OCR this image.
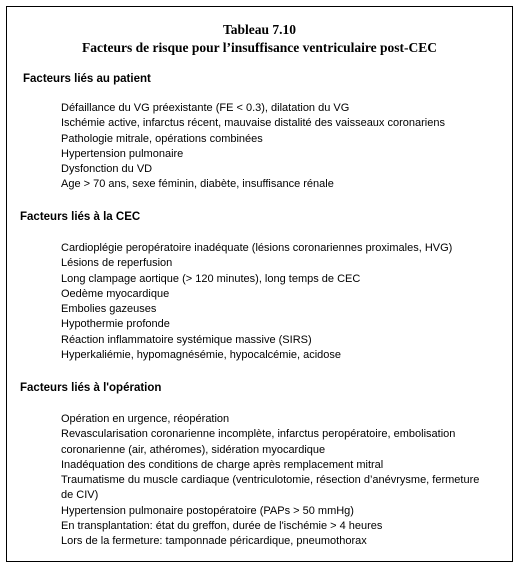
Tableau 7.10
Facteurs de risque pour l’insuffisance ventriculaire post-CEC
Facteurs liés au patient
Défaillance du VG préexistante (FE < 0.3), dilatation du VG
Ischémie active, infarctus récent, mauvaise distalité des vaisseaux coronariens
Pathologie mitrale, opérations combinées
Hypertension pulmonaire
Dysfonction du VD
Age > 70 ans, sexe féminin, diabète, insuffisance rénale
Facteurs liés à la CEC
Cardioplégie peropératoire inadéquate (lésions coronariennes proximales, HVG)
Lésions de reperfusion
Long clampage aortique (> 120 minutes), long temps de CEC
Oedème myocardique
Embolies gazeuses
Hypothermie profonde
Réaction inflammatoire systémique massive (SIRS)
Hyperkaliémie, hypomagnésémie, hypocalcémie, acidose
Facteurs liés à l'opération
Opération en urgence, réopération
Revascularisation coronarienne incomplète, infarctus peropératoire, embolisation coronarienne (air, athéromes), sidération myocardique
Inadéquation des conditions de charge après remplacement mitral
Traumatisme du muscle cardiaque (ventriculotomie, résection d’anévrysme, fermeture de CIV)
Hypertension pulmonaire postopératoire (PAPs > 50 mmHg)
En transplantation: état du greffon, durée de l'ischémie > 4 heures
Lors de la fermeture: tamponnade péricardique, pneumothorax
